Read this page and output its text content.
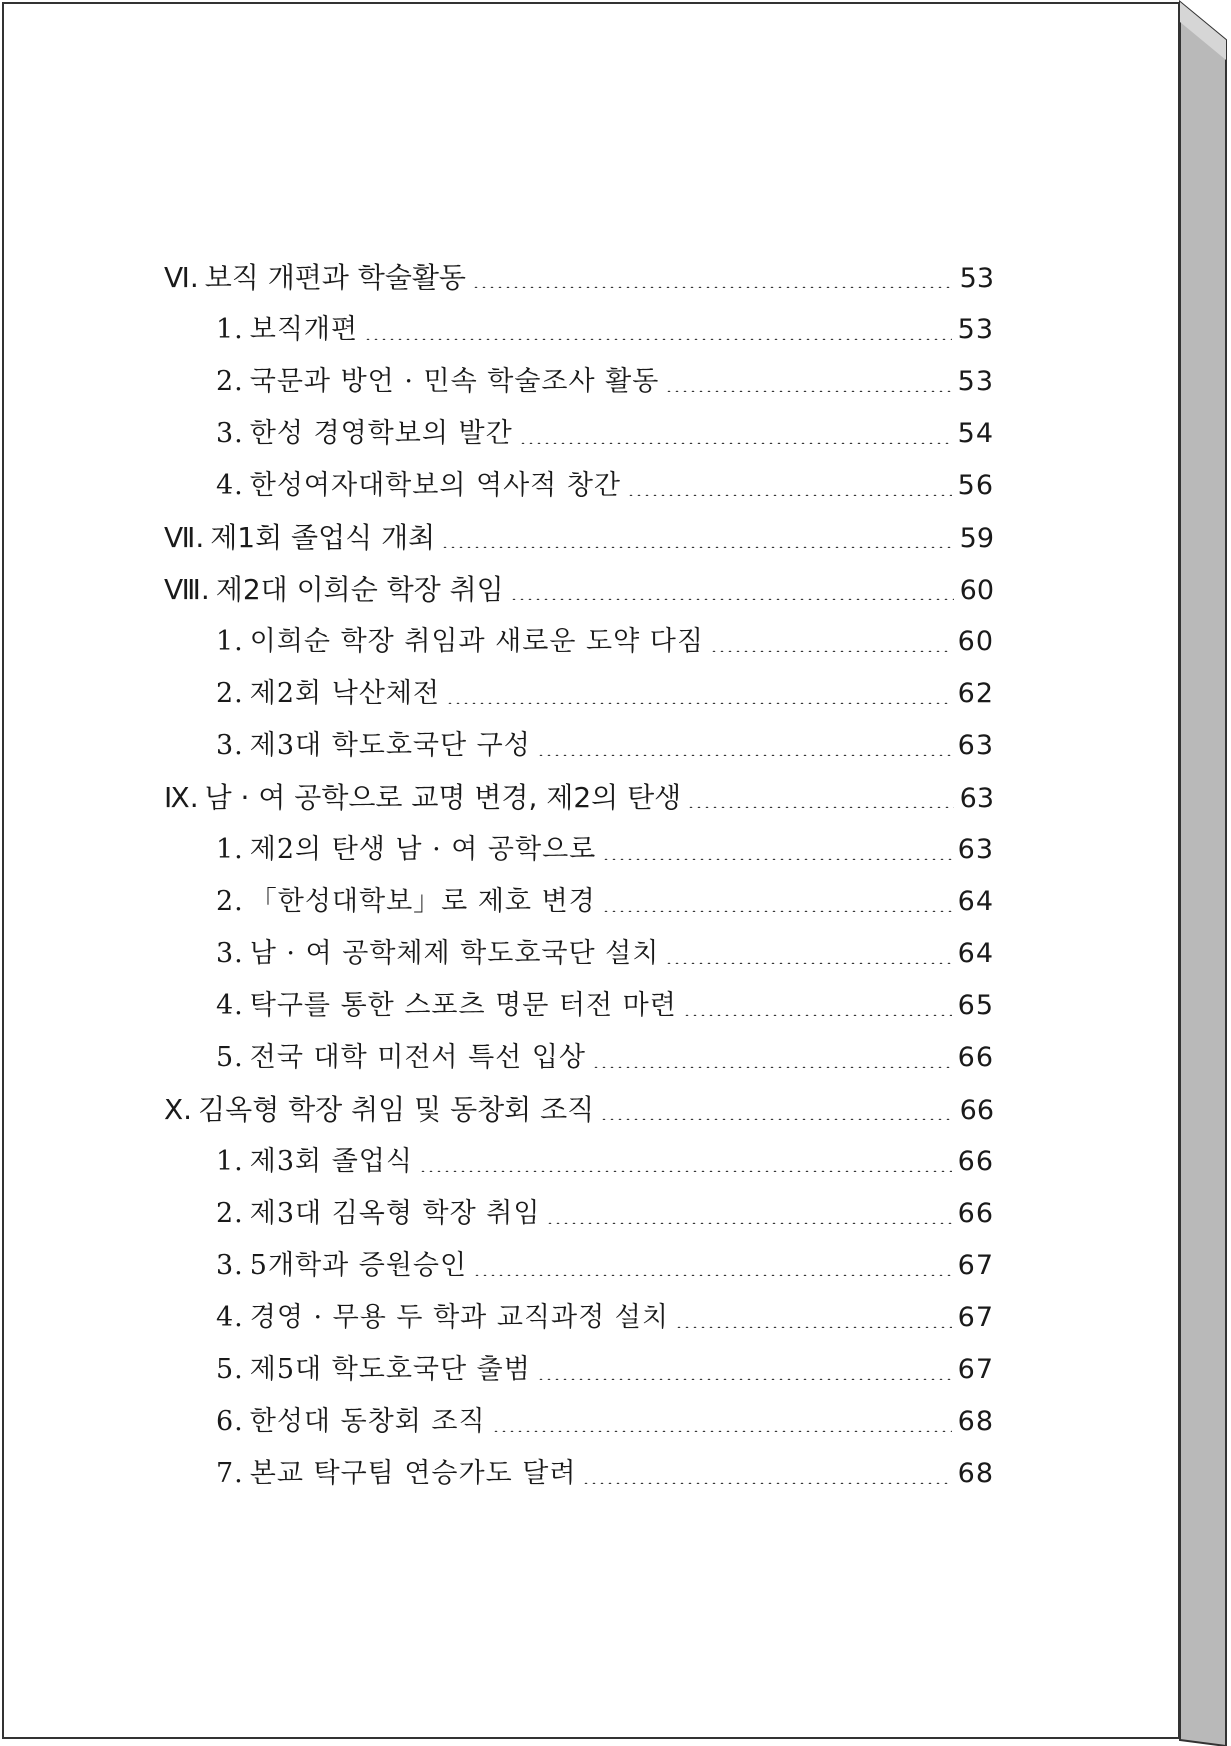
Ⅵ. 보직 개편과 학술활동	53
1. 보직개편	53
2. 국문과 방언 · 민속 학술조사 활동	53
3. 한성 경영학보의 발간	54
4. 한성여자대학보의 역사적 창간	56
Ⅶ. 제1회 졸업식 개최	59
Ⅷ. 제2대 이희순 학장 취임	60
1. 이희순 학장 취임과 새로운 도약 다짐	60
2. 제2회 낙산체전	62
3. 제3대 학도호국단 구성	63
Ⅸ. 남 · 여 공학으로 교명 변경, 제2의 탄생	63
1. 제2의 탄생 남 · 여 공학으로	63
2. 「한성대학보」로 제호 변경	64
3. 남 · 여 공학체제 학도호국단 설치	64
4. 탁구를 통한 스포츠 명문 터전 마련	65
5. 전국 대학 미전서 특선 입상	66
Ⅹ. 김옥형 학장 취임 및 동창회 조직	66
1. 제3회 졸업식	66
2. 제3대 김옥형 학장 취임	66
3. 5개학과 증원승인	67
4. 경영 · 무용 두 학과 교직과정 설치	67
5. 제5대 학도호국단 출범	67
6. 한성대 동창회 조직	68
7. 본교 탁구팀 연승가도 달려	68
